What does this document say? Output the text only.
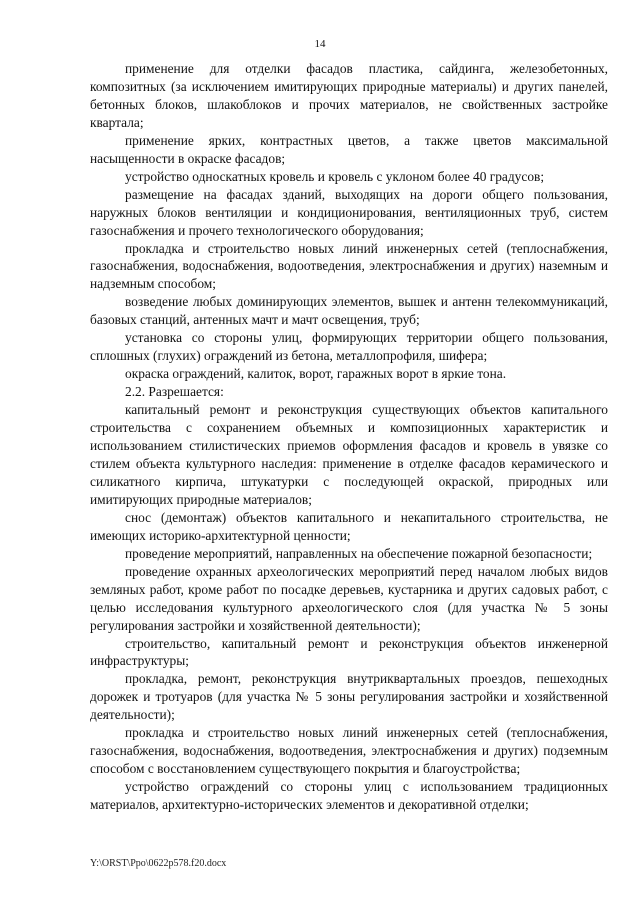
14

применение для отделки фасадов пластика, сайдинга, железобетонных, композитных (за исключением имитирующих природные материалы) и других панелей, бетонных блоков, шлакоблоков и прочих материалов, не свойственных застройке квартала;

применение ярких, контрастных цветов, а также цветов максимальной насыщенности в окраске фасадов;

устройство односкатных кровель и кровель с уклоном более 40 градусов;

размещение на фасадах зданий, выходящих на дороги общего пользования, наружных блоков вентиляции и кондиционирования, вентиляционных труб, систем газоснабжения и прочего технологического оборудования;

прокладка и строительство новых линий инженерных сетей (теплоснабжения, газоснабжения, водоснабжения, водоотведения, электроснабжения и других) наземным и надземным способом;

возведение любых доминирующих элементов, вышек и антенн телекоммуникаций, базовых станций, антенных мачт и мачт освещения, труб;

установка со стороны улиц, формирующих территории общего пользования, сплошных (глухих) ограждений из бетона, металлопрофиля, шифера;

окраска ограждений, калиток, ворот, гаражных ворот в яркие тона.

2.2. Разрешается:

капитальный ремонт и реконструкция существующих объектов капитального строительства с сохранением объемных и композиционных характеристик и использованием стилистических приемов оформления фасадов и кровель в увязке со стилем объекта культурного наследия: применение в отделке фасадов керамического и силикатного кирпича, штукатурки с последующей окраской, природных или имитирующих природные материалов;

снос (демонтаж) объектов капитального и некапитального строительства, не имеющих историко-архитектурной ценности;

проведение мероприятий, направленных на обеспечение пожарной безопасности;

проведение охранных археологических мероприятий перед началом любых видов земляных работ, кроме работ по посадке деревьев, кустарника и других садовых работ, с целью исследования культурного археологического слоя (для участка № 5 зоны регулирования застройки и хозяйственной деятельности);

строительство, капитальный ремонт и реконструкция объектов инженерной инфраструктуры;

прокладка, ремонт, реконструкция внутриквартальных проездов, пешеходных дорожек и тротуаров (для участка № 5 зоны регулирования застройки и хозяйственной деятельности);

прокладка и строительство новых линий инженерных сетей (теплоснабжения, газоснабжения, водоснабжения, водоотведения, электроснабжения и других) подземным способом с восстановлением существующего покрытия и благоустройства;

устройство ограждений со стороны улиц с использованием традиционных материалов, архитектурно-исторических элементов и декоративной отделки;

Y:\ORST\Ppo\0622p578.f20.docx
